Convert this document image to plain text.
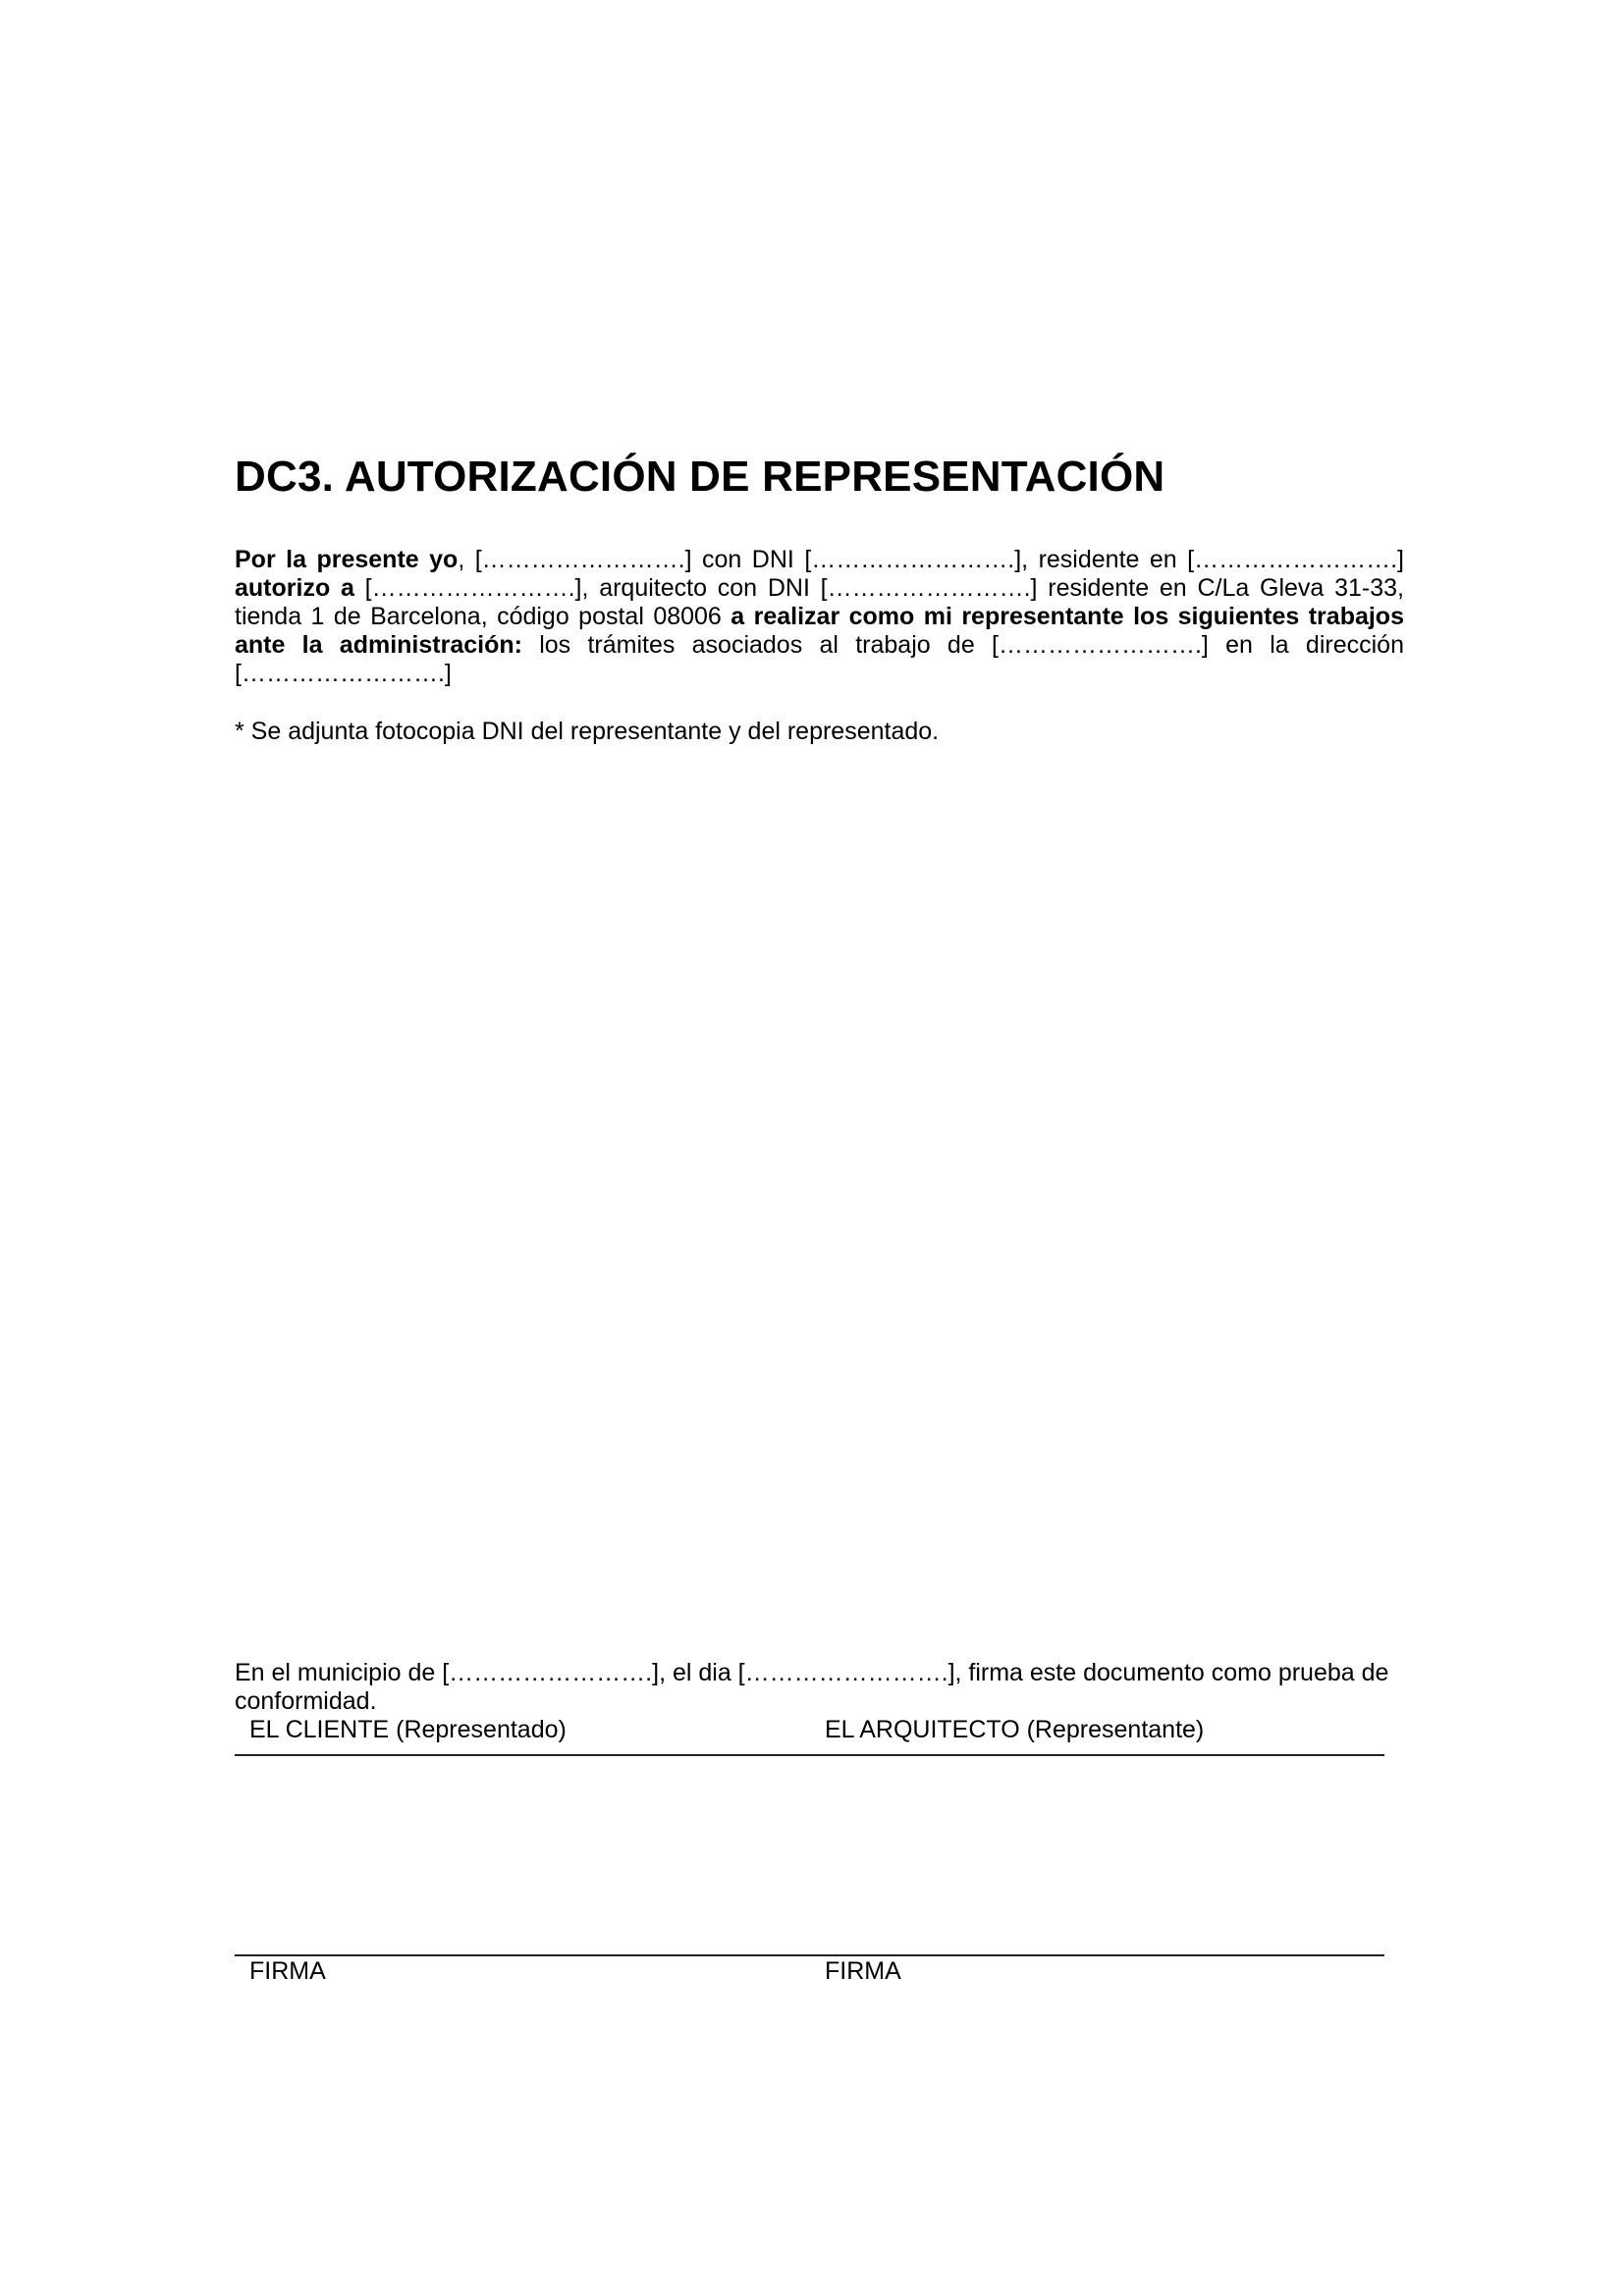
DC3. AUTORIZACIÓN DE REPRESENTACIÓN

Por la presente yo, […………………….] con DNI […………………….], residente en […………………….] autorizo a […………………….], arquitecto con DNI […………………….] residente en C/La Gleva 31-33, tienda 1 de Barcelona, código postal 08006 a realizar como mi representante los siguientes trabajos ante la administración: los trámites asociados al trabajo de […………………….] en la dirección […………………….]

* Se adjunta fotocopia DNI del representante y del representado.

En el municipio de […………………….], el dia […………………….], firma este documento como prueba de conformidad.

EL CLIENTE (Representado)	EL ARQUITECTO (Representante)

FIRMA	FIRMA
